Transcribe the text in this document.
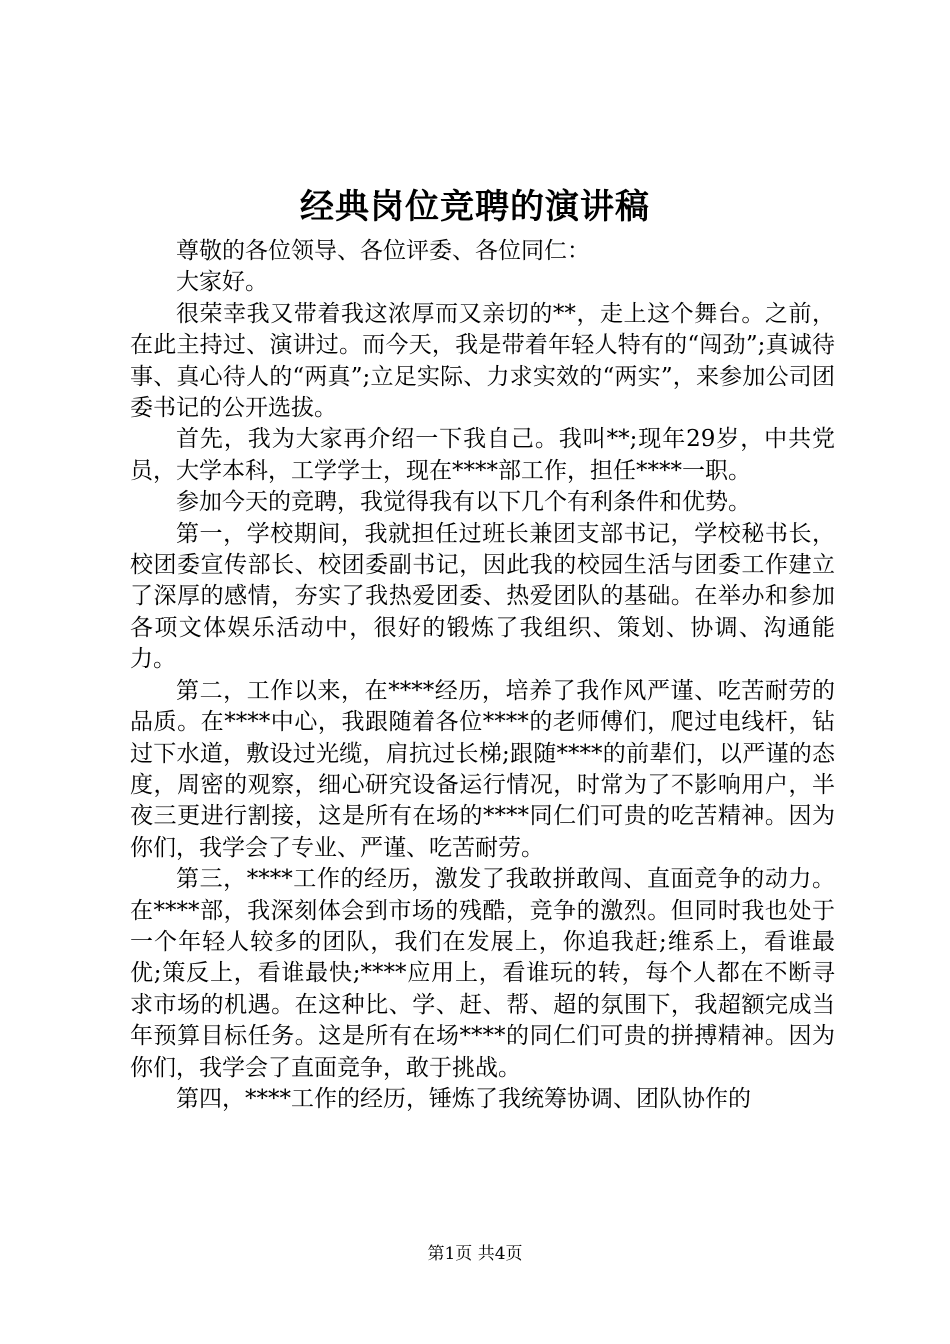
经典岗位竞聘的演讲稿

尊敬的各位领导、各位评委、各位同仁：

大家好。

很荣幸我又带着我这浓厚而又亲切的**，走上这个舞台。之前，在此主持过、演讲过。而今天，我是带着年轻人特有的“闯劲”;真诚待事、真心待人的“两真”;立足实际、力求实效的“两实”，来参加公司团委书记的公开选拔。

首先，我为大家再介绍一下我自己。我叫**;现年29岁，中共党员，大学本科，工学学士，现在****部工作，担任****一职。

参加今天的竞聘，我觉得我有以下几个有利条件和优势。

第一，学校期间，我就担任过班长兼团支部书记，学校秘书长，校团委宣传部长、校团委副书记，因此我的校园生活与团委工作建立了深厚的感情，夯实了我热爱团委、热爱团队的基础。在举办和参加各项文体娱乐活动中，很好的锻炼了我组织、策划、协调、沟通能力。

第二，工作以来，在****经历，培养了我作风严谨、吃苦耐劳的品质。在****中心，我跟随着各位****的老师傅们，爬过电线杆，钻过下水道，敷设过光缆，肩抗过长梯;跟随****的前辈们，以严谨的态度，周密的观察，细心研究设备运行情况，时常为了不影响用户，半夜三更进行割接，这是所有在场的****同仁们可贵的吃苦精神。因为你们，我学会了专业、严谨、吃苦耐劳。

第三，****工作的经历，激发了我敢拼敢闯、直面竞争的动力。在****部，我深刻体会到市场的残酷，竞争的激烈。但同时我也处于一个年轻人较多的团队，我们在发展上，你追我赶;维系上，看谁最优;策反上，看谁最快;****应用上，看谁玩的转，每个人都在不断寻求市场的机遇。在这种比、学、赶、帮、超的氛围下，我超额完成当年预算目标任务。这是所有在场****的同仁们可贵的拼搏精神。因为你们，我学会了直面竞争，敢于挑战。

第四，****工作的经历，锤炼了我统筹协调、团队协作的

第1页 共4页
